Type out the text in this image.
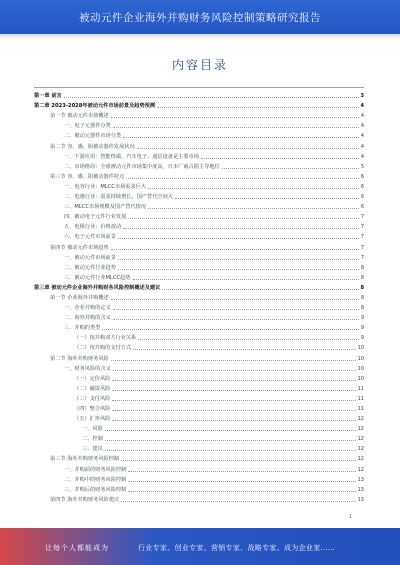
被动元件企业海外并购财务风险控制策略研究报告
内容目录
第一章 前言	3
第二章 2023-2028年被动元件市场前景及趋势预测	4
第一节 被动元件市场概述	4
一、电子元器件分类	4
二、被动元器件市场分类	4
第二节 容、感、阻被动器件发展状况	4
一、下游应用：智能终端、汽车电子、通信设备是主要市场	4
二、市场格局：全球被动元件市场集中度高，日本厂商占据主导地位	5
第三节 容、感、阻被动器件特点	6
一、电容行业：MLCC市场需求巨大	6
二、电感行业：需求持续增长，国产替代空间大	6
三、MLCC市场规模及国产替代情况	6
四、被动电子元件行业发展	7
五、电阻行业：价格波动	7
六、电子元件市场前景	7
第四节 被动元件市场趋势	7
一、被动元件市场前景	7
二、被动元件行业趋势	8
三、被动元件行业MLCC趋势	8
第三章 被动元件企业海外并购财务风险控制概述及建议	8
第一节 企业海外并购概述	8
一、企业并购的定义	8
二、海外并购的含义	9
三、并购的类型	9
（一）按并购双方行业关系	9
（二）按并购的支付方式	10
第二节 海外并购财务风险	10
一、财务风险的含义	10
（一）定价风险	10
（二）融资风险	11
（三）支付风险	11
（四）整合风险	11
（五）汇率风险	12
一、风险	12
二、控制	12
三、建议	12
第三节 海外并购财务风险控制	12
一、并购前的财务风险控制	12
二、并购中的财务风险控制	13
三、并购后的财务风险控制	13
第四节 海外并购财务风险建议	13
1
让每个人都能成为	行业专家、创业专家、营销专家、战略专家、成为企业家……
